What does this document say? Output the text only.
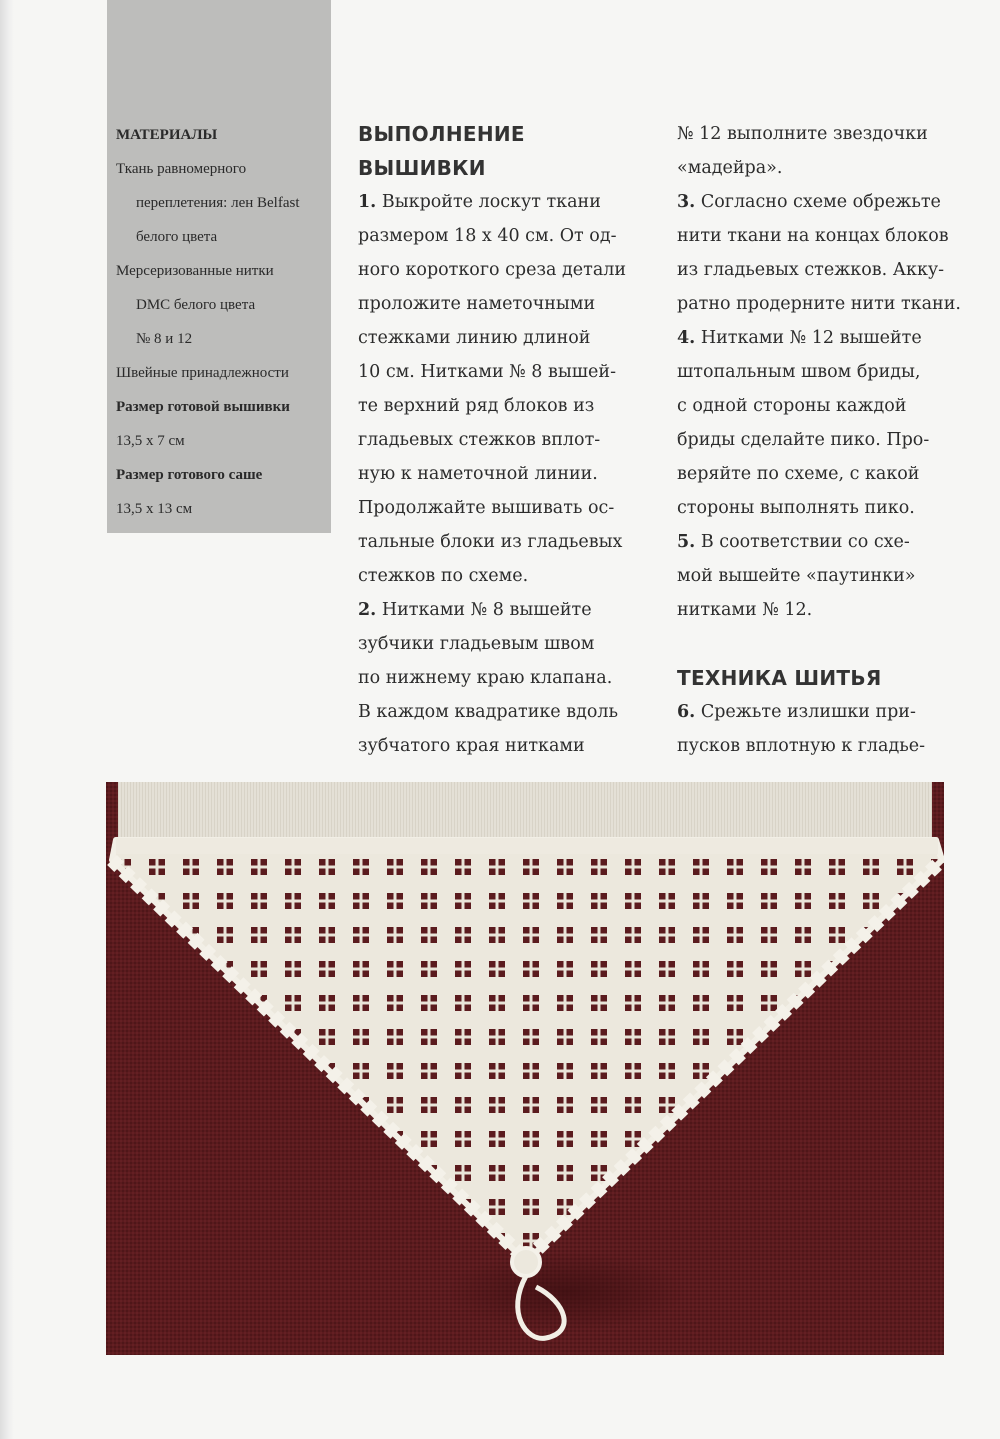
МАТЕРИАЛЫ
Ткань равномерного
переплетения: лен Belfast
белого цвета
Мерсеризованные нитки
DMC белого цвета
№ 8 и 12
Швейные принадлежности
Размер готовой вышивки
13,5 х 7 см
Размер готового саше
13,5 х 13 см
ВЫПОЛНЕНИЕ
ВЫШИВКИ
1. Выкройте лоскут ткани
размером 18 х 40 см. От од-
ного короткого среза детали
проложите наметочными
стежками линию длиной
10 см. Нитками № 8 вышей-
те верхний ряд блоков из
гладьевых стежков вплот-
ную к наметочной линии.
Продолжайте вышивать ос-
тальные блоки из гладьевых
стежков по схеме.
2. Нитками № 8 вышейте
зубчики гладьевым швом
по нижнему краю клапана.
В каждом квадратике вдоль
зубчатого края нитками
№ 12 выполните звездочки
«мадейра».
3. Согласно схеме обрежьте
нити ткани на концах блоков
из гладьевых стежков. Акку-
ратно продерните нити ткани.
4. Нитками № 12 вышейте
штопальным швом бриды,
с одной стороны каждой
бриды сделайте пико. Про-
веряйте по схеме, с какой
стороны выполнять пико.
5. В соответствии со схе-
мой вышейте «паутинки»
нитками № 12.
ТЕХНИКА ШИТЬЯ
6. Срежьте излишки при-
пусков вплотную к гладье-
